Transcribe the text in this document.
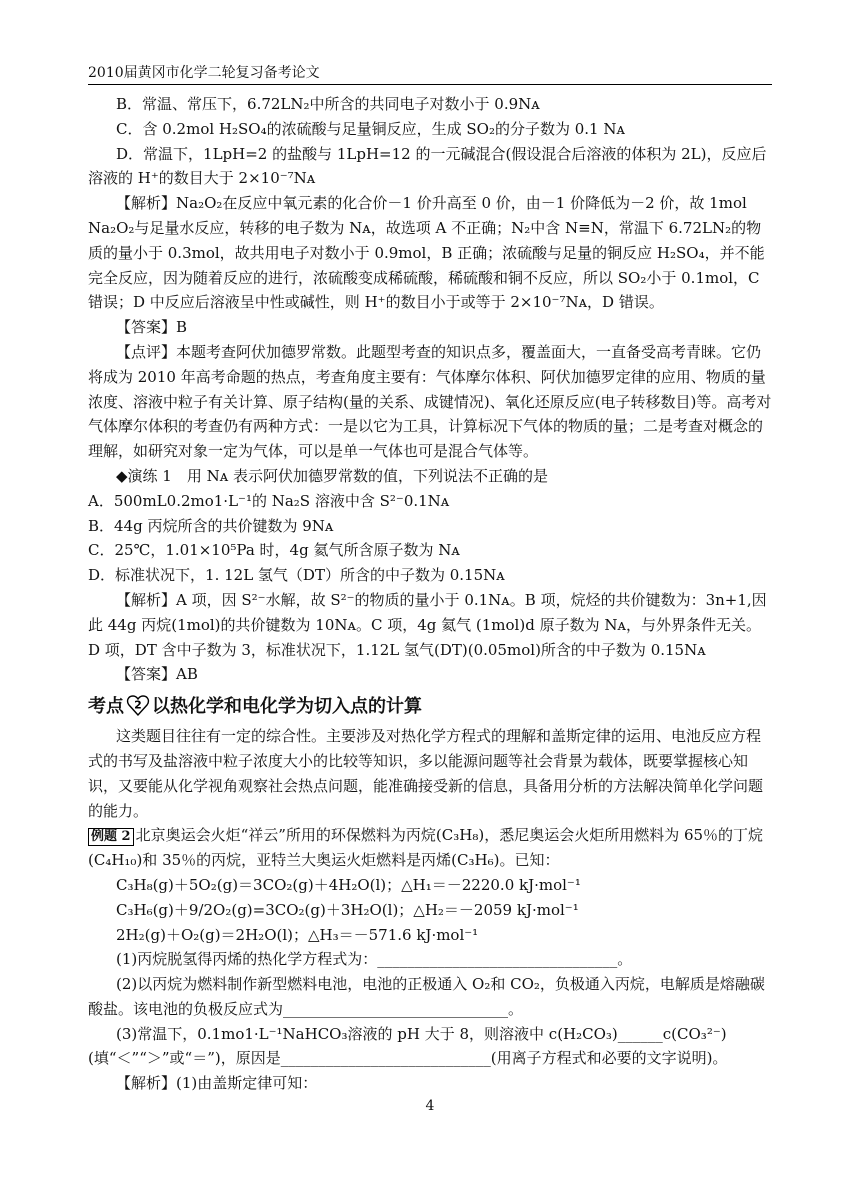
2010届黄冈市化学二轮复习备考论文

B．常温、常压下，6.72LN₂中所含的共同电子对数小于 0.9Nᴀ

C．含 0.2mol H₂SO₄的浓硫酸与足量铜反应，生成 SO₂的分子数为 0.1 Nᴀ

D．常温下，1LpH=2 的盐酸与 1LpH=12 的一元碱混合(假设混合后溶液的体积为 2L)，反应后溶液的 H⁺的数目大于 2×10⁻⁷Nᴀ

【解析】Na₂O₂在反应中氧元素的化合价－1 价升高至 0 价，由－1 价降低为－2 价，故 1mol Na₂O₂与足量水反应，转移的电子数为 Nᴀ，故选项 A 不正确；N₂中含 N≡N，常温下 6.72LN₂的物质的量小于 0.3mol，故共用电子对数小于 0.9mol，B 正确；浓硫酸与足量的铜反应 H₂SO₄，并不能完全反应，因为随着反应的进行，浓硫酸变成稀硫酸，稀硫酸和铜不反应，所以 SO₂小于 0.1mol，C 错误；D 中反应后溶液呈中性或碱性，则 H⁺的数目小于或等于 2×10⁻⁷Nᴀ，D 错误。

【答案】B

【点评】本题考查阿伏加德罗常数。此题型考查的知识点多，覆盖面大，一直备受高考青睐。它仍将成为 2010 年高考命题的热点，考查角度主要有：气体摩尔体积、阿伏加德罗定律的应用、物质的量浓度、溶液中粒子有关计算、原子结构(量的关系、成键情况)、氧化还原反应(电子转移数目)等。高考对气体摩尔体积的考查仍有两种方式：一是以它为工具，计算标况下气体的物质的量；二是考查对概念的理解，如研究对象一定为气体，可以是单一气体也可是混合气体等。

◆演练 1　用 Nᴀ 表示阿伏加德罗常数的值，下列说法不正确的是

A．500mL0.2mo1·L⁻¹的 Na₂S 溶液中含 S²⁻0.1Nᴀ

B．44g 丙烷所含的共价键数为 9Nᴀ

C．25℃，1.01×10⁵Pa 时，4g 氦气所含原子数为 Nᴀ

D．标准状况下，1. 12L 氢气（DT）所含的中子数为 0.15Nᴀ

【解析】A 项，因 S²⁻水解，故 S²⁻的物质的量小于 0.1Nᴀ。B 项，烷烃的共价键数为：3n+1,因此 44g 丙烷(1mol)的共价键数为 10Nᴀ。C 项，4g 氦气 (1mol)d 原子数为 Nᴀ，与外界条件无关。D 项，DT 含中子数为 3，标准状况下，1.12L 氢气(DT)(0.05mol)所含的中子数为 0.15Nᴀ

【答案】AB

考点 2 以热化学和电化学为切入点的计算

这类题目往往有一定的综合性。主要涉及对热化学方程式的理解和盖斯定律的运用、电池反应方程式的书写及盐溶液中粒子浓度大小的比较等知识，多以能源问题等社会背景为载体，既要掌握核心知识，又要能从化学视角观察社会热点问题，能准确接受新的信息，具备用分析的方法解决简单化学问题的能力。

例题 2 北京奥运会火炬“祥云”所用的环保燃料为丙烷(C₃H₈)，悉尼奥运会火炬所用燃料为 65％的丁烷(C₄H₁₀)和 35％的丙烷，亚特兰大奥运火炬燃料是丙烯(C₃H₆)。已知：

C₃H₈(g)＋5O₂(g)＝3CO₂(g)＋4H₂O(l)；△H₁＝－2220.0 kJ·mol⁻¹

C₃H₆(g)＋9/2O₂(g)=3CO₂(g)＋3H₂O(l)；△H₂＝－2059 kJ·mol⁻¹

2H₂(g)＋O₂(g)＝2H₂O(l)；△H₃＝－571.6 kJ·mol⁻¹

(1)丙烷脱氢得丙烯的热化学方程式为：________________________________。

(2)以丙烷为燃料制作新型燃料电池，电池的正极通入 O₂和 CO₂，负极通入丙烷，电解质是熔融碳酸盐。该电池的负极反应式为______________________________。

(3)常温下，0.1mo1·L⁻¹NaHCO₃溶液的 pH 大于 8，则溶液中 c(H₂CO₃)______c(CO₃²⁻) (填“＜”“＞”或“＝”)，原因是____________________________(用离子方程式和必要的文字说明)。

【解析】(1)由盖斯定律可知：

4
